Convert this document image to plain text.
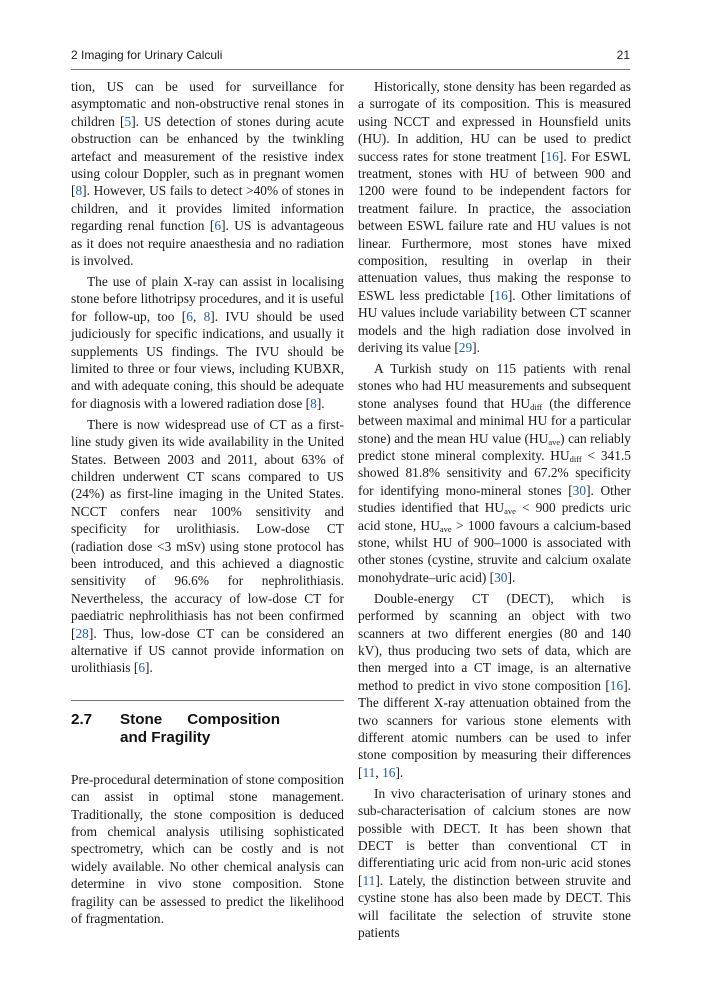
2 Imaging for Urinary Calculi	21

tion, US can be used for surveillance for asymptomatic and non-obstructive renal stones in children [5]. US detection of stones during acute obstruction can be enhanced by the twinkling artefact and measurement of the resistive index using colour Doppler, such as in pregnant women [8]. However, US fails to detect >40% of stones in children, and it provides limited information regarding renal function [6]. US is advantageous as it does not require anaesthesia and no radiation is involved.

The use of plain X-ray can assist in localising stone before lithotripsy procedures, and it is useful for follow-up, too [6, 8]. IVU should be used judiciously for specific indications, and usually it supplements US findings. The IVU should be limited to three or four views, including KUBXR, and with adequate coning, this should be adequate for diagnosis with a lowered radiation dose [8].

There is now widespread use of CT as a first-line study given its wide availability in the United States. Between 2003 and 2011, about 63% of children underwent CT scans compared to US (24%) as first-line imaging in the United States. NCCT confers near 100% sensitivity and specificity for urolithiasis. Low-dose CT (radiation dose <3 mSv) using stone protocol has been introduced, and this achieved a diagnostic sensitivity of 96.6% for nephrolithiasis. Nevertheless, the accuracy of low-dose CT for paediatric nephrolithiasis has not been confirmed [28]. Thus, low-dose CT can be considered an alternative if US cannot provide information on urolithiasis [6].

2.7	Stone Composition and Fragility

Pre-procedural determination of stone composition can assist in optimal stone management. Traditionally, the stone composition is deduced from chemical analysis utilising sophisticated spectrometry, which can be costly and is not widely available. No other chemical analysis can determine in vivo stone composition. Stone fragility can be assessed to predict the likelihood of fragmentation.

Historically, stone density has been regarded as a surrogate of its composition. This is measured using NCCT and expressed in Hounsfield units (HU). In addition, HU can be used to predict success rates for stone treatment [16]. For ESWL treatment, stones with HU of between 900 and 1200 were found to be independent factors for treatment failure. In practice, the association between ESWL failure rate and HU values is not linear. Furthermore, most stones have mixed composition, resulting in overlap in their attenuation values, thus making the response to ESWL less predictable [16]. Other limitations of HU values include variability between CT scanner models and the high radiation dose involved in deriving its value [29].

A Turkish study on 115 patients with renal stones who had HU measurements and subsequent stone analyses found that $HU_{diff}$ (the difference between maximal and minimal HU for a particular stone) and the mean HU value $(HU_{ave})$ can reliably predict stone mineral complexity. $HU_{diff} < 341.5$ showed 81.8% sensitivity and 67.2% specificity for identifying mono-mineral stones [30]. Other studies identified that $HU_{ave} < 900$ predicts uric acid stone, $HU_{ave} > 1000$ favours a calcium-based stone, whilst HU of 900–1000 is associated with other stones (cystine, struvite and calcium oxalate monohydrate–uric acid) [30].

Double-energy CT (DECT), which is performed by scanning an object with two scanners at two different energies (80 and 140 kV), thus producing two sets of data, which are then merged into a CT image, is an alternative method to predict in vivo stone composition [16]. The different X-ray attenuation obtained from the two scanners for various stone elements with different atomic numbers can be used to infer stone composition by measuring their differences [11, 16].

In vivo characterisation of urinary stones and sub-characterisation of calcium stones are now possible with DECT. It has been shown that DECT is better than conventional CT in differentiating uric acid from non-uric acid stones [11]. Lately, the distinction between struvite and cystine stone has also been made by DECT. This will facilitate the selection of struvite stone patients
